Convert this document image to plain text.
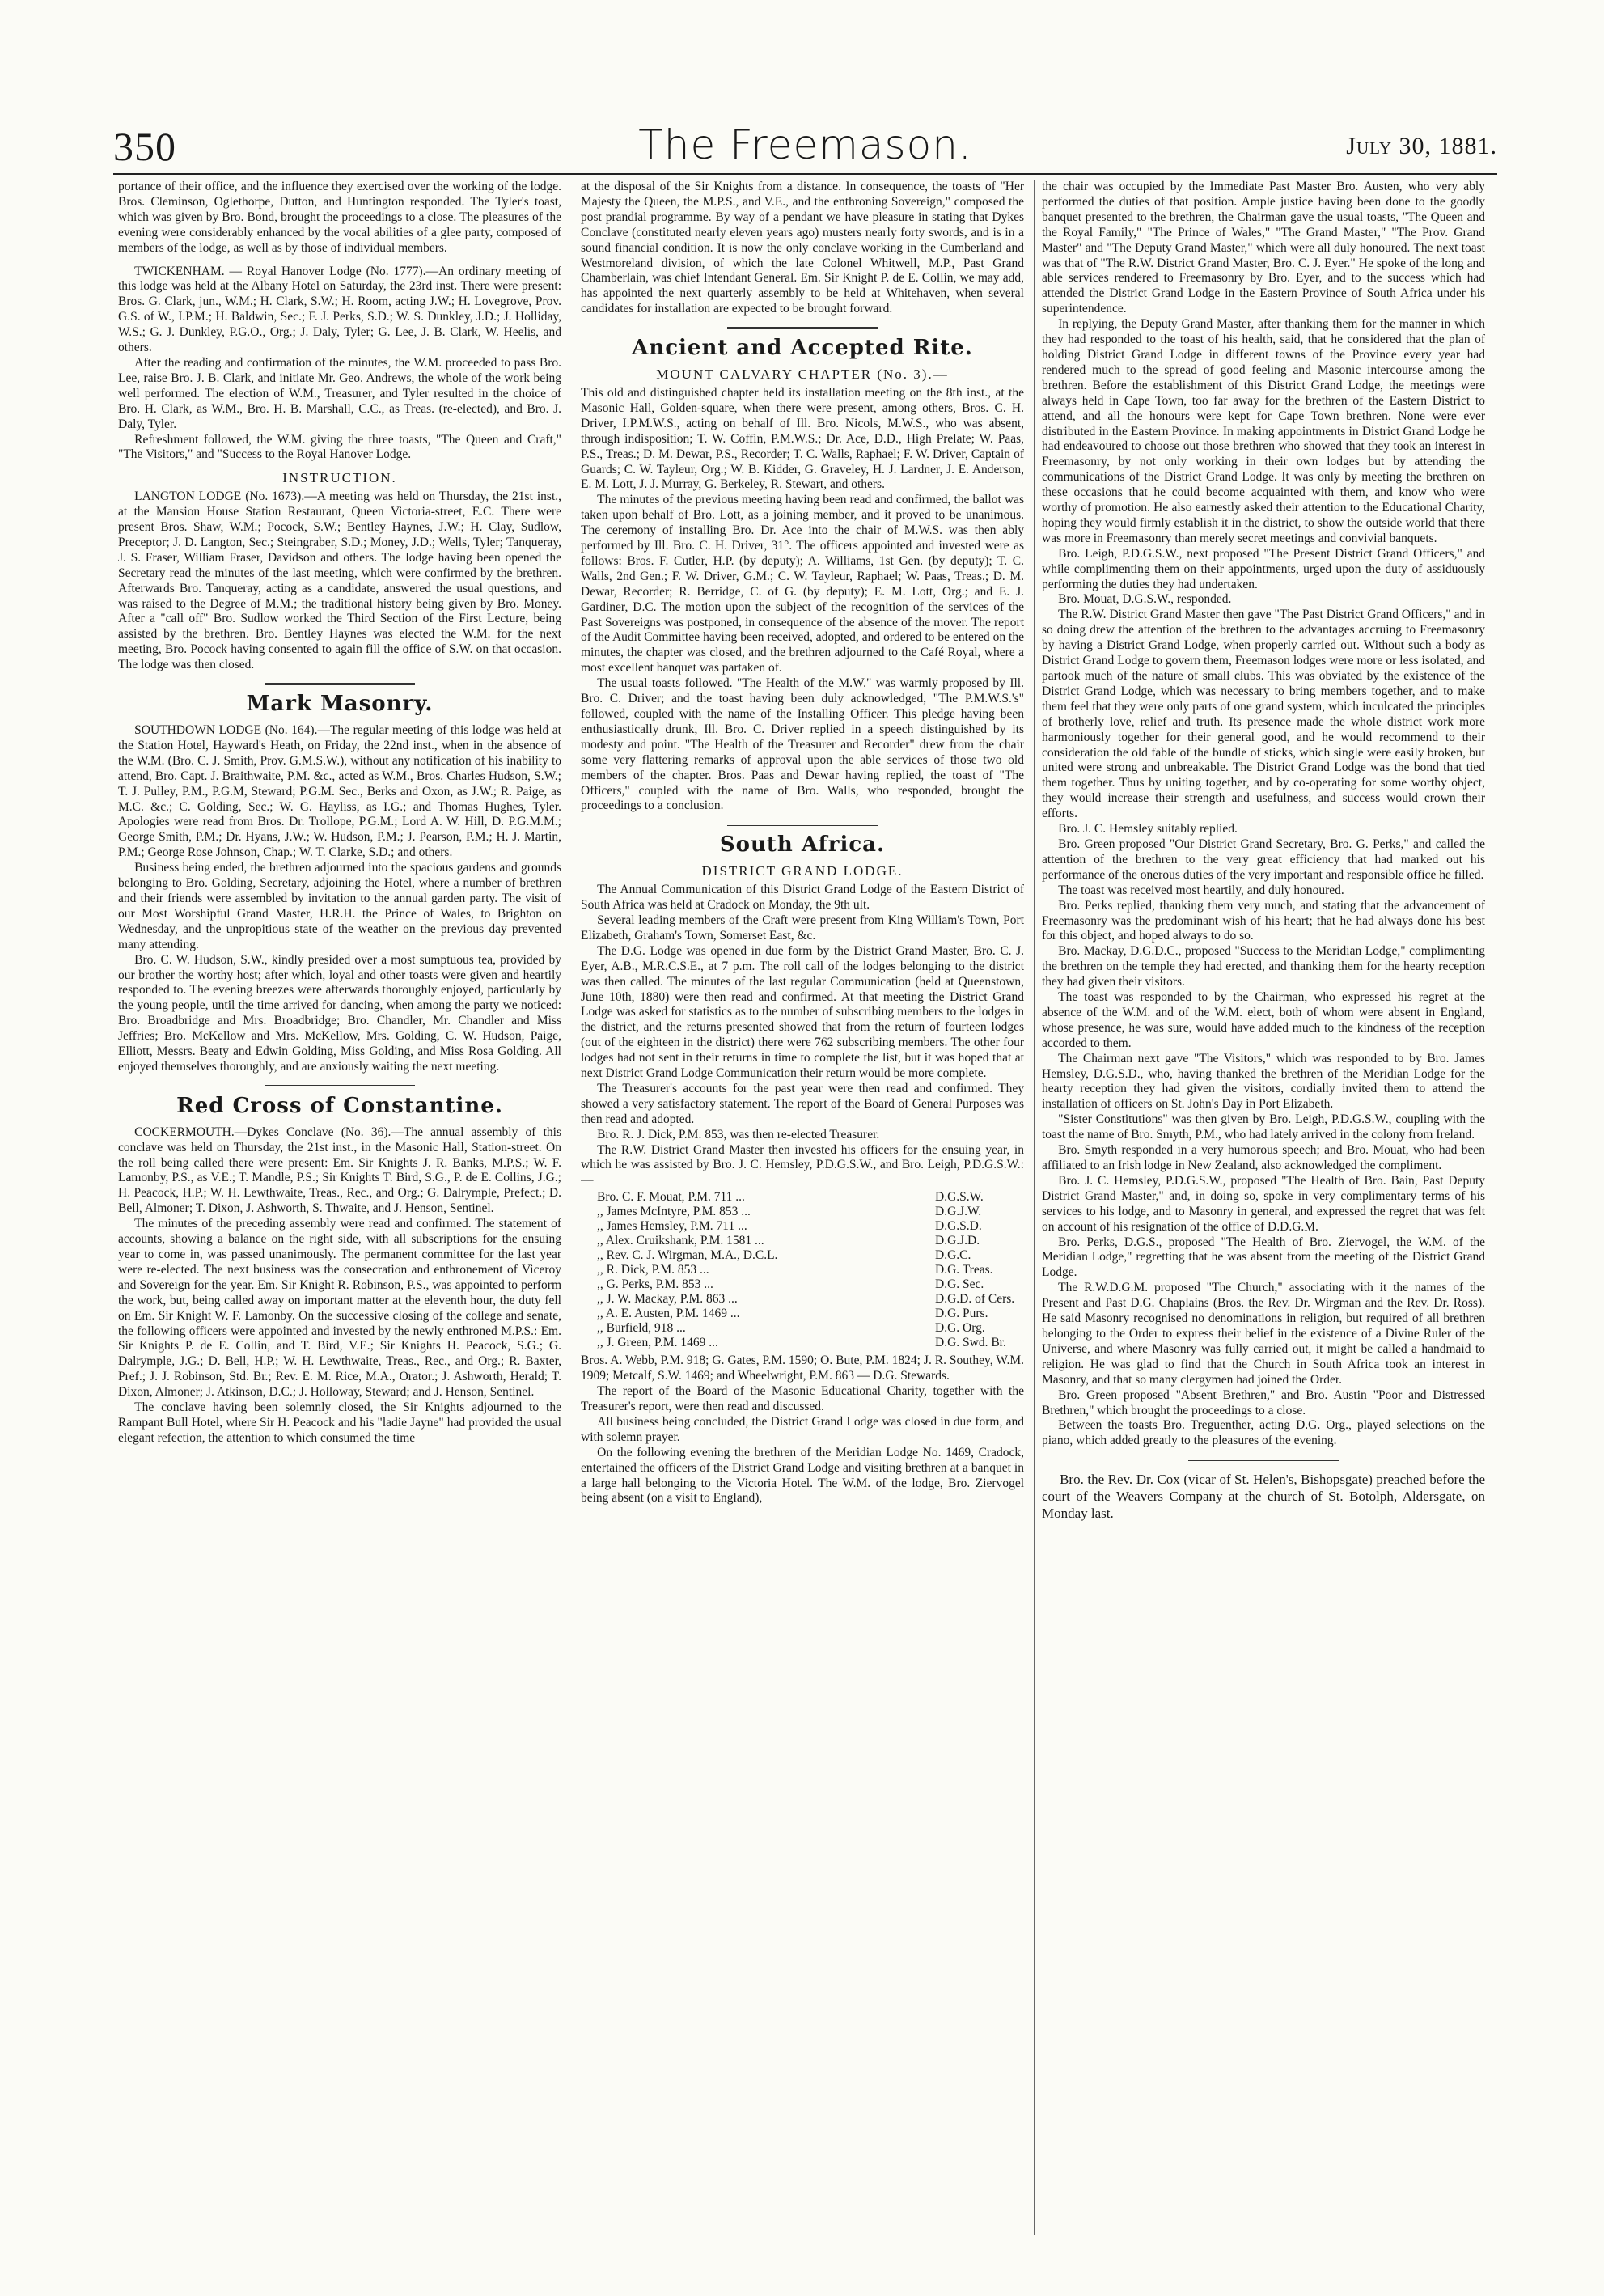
350	The Freemason.	July 30, 1881.

portance of their office, and the influence they exercised over the working of the lodge. Bros. Cleminson, Oglethorpe, Dutton, and Huntington responded. The Tyler's toast, which was given by Bro. Bond, brought the proceedings to a close. The pleasures of the evening were considerably enhanced by the vocal abilities of a glee party, composed of members of the lodge, as well as by those of individual members.

TWICKENHAM. — Royal Hanover Lodge (No. 1777).—An ordinary meeting of this lodge was held at the Albany Hotel on Saturday, the 23rd inst. There were present: Bros. G. Clark, jun., W.M.; H. Clark, S.W.; H. Room, acting J.W.; H. Lovegrove, Prov. G.S. of W., I.P.M.; H. Baldwin, Sec.; F. J. Perks, S.D.; W. S. Dunkley, J.D.; J. Holliday, W.S.; G. J. Dunkley, P.G.O., Org.; J. Daly, Tyler; G. Lee, J. B. Clark, W. Heelis, and others.

After the reading and confirmation of the minutes, the W.M. proceeded to pass Bro. Lee, raise Bro. J. B. Clark, and initiate Mr. Geo. Andrews, the whole of the work being well performed. The election of W.M., Treasurer, and Tyler resulted in the choice of Bro. H. Clark, as W.M., Bro. H. B. Marshall, C.C., as Treas. (re-elected), and Bro. J. Daly, Tyler.

Refreshment followed, the W.M. giving the three toasts, "The Queen and Craft," "The Visitors," and "Success to the Royal Hanover Lodge.

INSTRUCTION.

LANGTON LODGE (No. 1673).—A meeting was held on Thursday, the 21st inst., at the Mansion House Station Restaurant, Queen Victoria-street, E.C. There were present Bros. Shaw, W.M.; Pocock, S.W.; Bentley Haynes, J.W.; H. Clay, Sudlow, Preceptor; J. D. Langton, Sec.; Steingraber, S.D.; Money, J.D.; Wells, Tyler; Tanqueray, J. S. Fraser, William Fraser, Davidson and others. The lodge having been opened the Secretary read the minutes of the last meeting, which were confirmed by the brethren. Afterwards Bro. Tanqueray, acting as a candidate, answered the usual questions, and was raised to the Degree of M.M.; the traditional history being given by Bro. Money. After a "call off" Bro. Sudlow worked the Third Section of the First Lecture, being assisted by the brethren. Bro. Bentley Haynes was elected the W.M. for the next meeting, Bro. Pocock having consented to again fill the office of S.W. on that occasion. The lodge was then closed.

Mark Masonry.

SOUTHDOWN LODGE (No. 164).—The regular meeting of this lodge was held at the Station Hotel, Hayward's Heath, on Friday, the 22nd inst., when in the absence of the W.M. (Bro. C. J. Smith, Prov. G.M.S.W.), without any notification of his inability to attend, Bro. Capt. J. Braithwaite, P.M. &c., acted as W.M., Bros. Charles Hudson, S.W.; T. J. Pulley, P.M., P.G.M, Steward; P.G.M. Sec., Berks and Oxon, as J.W.; R. Paige, as M.C. &c.; C. Golding, Sec.; W. G. Hayliss, as I.G.; and Thomas Hughes, Tyler. Apologies were read from Bros. Dr. Trollope, P.G.M.; Lord A. W. Hill, D. P.G.M.M.; George Smith, P.M.; Dr. Hyans, J.W.; W. Hudson, P.M.; J. Pearson, P.M.; H. J. Martin, P.M.; George Rose Johnson, Chap.; W. T. Clarke, S.D.; and others.

Business being ended, the brethren adjourned into the spacious gardens and grounds belonging to Bro. Golding, Secretary, adjoining the Hotel, where a number of brethren and their friends were assembled by invitation to the annual garden party. The visit of our Most Worshipful Grand Master, H.R.H. the Prince of Wales, to Brighton on Wednesday, and the unpropitious state of the weather on the previous day prevented many attending.

Bro. C. W. Hudson, S.W., kindly presided over a most sumptuous tea, provided by our brother the worthy host; after which, loyal and other toasts were given and heartily responded to. The evening breezes were afterwards thoroughly enjoyed, particularly by the young people, until the time arrived for dancing, when among the party we noticed: Bro. Broadbridge and Mrs. Broadbridge; Bro. Chandler, Mr. Chandler and Miss Jeffries; Bro. McKellow and Mrs. McKellow, Mrs. Golding, C. W. Hudson, Paige, Elliott, Messrs. Beaty and Edwin Golding, Miss Golding, and Miss Rosa Golding. All enjoyed themselves thoroughly, and are anxiously waiting the next meeting.

Red Cross of Constantine.

COCKERMOUTH.—Dykes Conclave (No. 36).—The annual assembly of this conclave was held on Thursday, the 21st inst., in the Masonic Hall, Station-street. On the roll being called there were present: Em. Sir Knights J. R. Banks, M.P.S.; W. F. Lamonby, P.S., as V.E.; T. Mandle, P.S.; Sir Knights T. Bird, S.G., P. de E. Collins, J.G.; H. Peacock, H.P.; W. H. Lewthwaite, Treas., Rec., and Org.; G. Dalrymple, Prefect.; D. Bell, Almoner; T. Dixon, J. Ashworth, S. Thwaite, and J. Henson, Sentinel.

The minutes of the preceding assembly were read and confirmed. The statement of accounts, showing a balance on the right side, with all subscriptions for the ensuing year to come in, was passed unanimously. The permanent committee for the last year were re-elected. The next business was the consecration and enthronement of Viceroy and Sovereign for the year. Em. Sir Knight R. Robinson, P.S., was appointed to perform the work, but, being called away on important matter at the eleventh hour, the duty fell on Em. Sir Knight W. F. Lamonby. On the successive closing of the college and senate, the following officers were appointed and invested by the newly enthroned M.P.S.: Em. Sir Knights P. de E. Collin, and T. Bird, V.E.; Sir Knights H. Peacock, S.G.; G. Dalrymple, J.G.; D. Bell, H.P.; W. H. Lewthwaite, Treas., Rec., and Org.; R. Baxter, Pref.; J. J. Robinson, Std. Br.; Rev. E. M. Rice, M.A., Orator.; J. Ashworth, Herald; T. Dixon, Almoner; J. Atkinson, D.C.; J. Holloway, Steward; and J. Henson, Sentinel.

The conclave having been solemnly closed, the Sir Knights adjourned to the Rampant Bull Hotel, where Sir H. Peacock and his "ladie Jayne" had provided the usual elegant refection, the attention to which consumed the time

at the disposal of the Sir Knights from a distance. In consequence, the toasts of "Her Majesty the Queen, the M.P.S., and V.E., and the enthroning Sovereign," composed the post prandial programme. By way of a pendant we have pleasure in stating that Dykes Conclave (constituted nearly eleven years ago) musters nearly forty swords, and is in a sound financial condition. It is now the only conclave working in the Cumberland and Westmoreland division, of which the late Colonel Whitwell, M.P., Past Grand Chamberlain, was chief Intendant General. Em. Sir Knight P. de E. Collin, we may add, has appointed the next quarterly assembly to be held at Whitehaven, when several candidates for installation are expected to be brought forward.

Ancient and Accepted Rite.
MOUNT CALVARY CHAPTER (No. 3).—

This old and distinguished chapter held its installation meeting on the 8th inst., at the Masonic Hall, Golden-square, when there were present, among others, Bros. C. H. Driver, I.P.M.W.S., acting on behalf of Ill. Bro. Nicols, M.W.S., who was absent, through indisposition; T. W. Coffin, P.M.W.S.; Dr. Ace, D.D., High Prelate; W. Paas, P.S., Treas.; D. M. Dewar, P.S., Recorder; T. C. Walls, Raphael; F. W. Driver, Captain of Guards; C. W. Tayleur, Org.; W. B. Kidder, G. Graveley, H. J. Lardner, J. E. Anderson, E. M. Lott, J. J. Murray, G. Berkeley, R. Stewart, and others.

The minutes of the previous meeting having been read and confirmed, the ballot was taken upon behalf of Bro. Lott, as a joining member, and it proved to be unanimous. The ceremony of installing Bro. Dr. Ace into the chair of M.W.S. was then ably performed by Ill. Bro. C. H. Driver, 31°. The officers appointed and invested were as follows: Bros. F. Cutler, H.P. (by deputy); A. Williams, 1st Gen. (by deputy); T. C. Walls, 2nd Gen.; F. W. Driver, G.M.; C. W. Tayleur, Raphael; W. Paas, Treas.; D. M. Dewar, Recorder; R. Berridge, C. of G. (by deputy); E. M. Lott, Org.; and E. J. Gardiner, D.C. The motion upon the subject of the recognition of the services of the Past Sovereigns was postponed, in consequence of the absence of the mover. The report of the Audit Committee having been received, adopted, and ordered to be entered on the minutes, the chapter was closed, and the brethren adjourned to the Café Royal, where a most excellent banquet was partaken of.

The usual toasts followed. "The Health of the M.W." was warmly proposed by Ill. Bro. C. Driver; and the toast having been duly acknowledged, "The P.M.W.S.'s" followed, coupled with the name of the Installing Officer. This pledge having been enthusiastically drunk, Ill. Bro. C. Driver replied in a speech distinguished by its modesty and point. "The Health of the Treasurer and Recorder" drew from the chair some very flattering remarks of approval upon the able services of those two old members of the chapter. Bros. Paas and Dewar having replied, the toast of "The Officers," coupled with the name of Bro. Walls, who responded, brought the proceedings to a conclusion.

South Africa.
DISTRICT GRAND LODGE.

The Annual Communication of this District Grand Lodge of the Eastern District of South Africa was held at Cradock on Monday, the 9th ult.

Several leading members of the Craft were present from King William's Town, Port Elizabeth, Graham's Town, Somerset East, &c.

The D.G. Lodge was opened in due form by the District Grand Master, Bro. C. J. Eyer, A.B., M.R.C.S.E., at 7 p.m. The roll call of the lodges belonging to the district was then called. The minutes of the last regular Communication (held at Queenstown, June 10th, 1880) were then read and confirmed. At that meeting the District Grand Lodge was asked for statistics as to the number of subscribing members to the lodges in the district, and the returns presented showed that from the return of fourteen lodges (out of the eighteen in the district) there were 762 subscribing members. The other four lodges had not sent in their returns in time to complete the list, but it was hoped that at next District Grand Lodge Communication their return would be more complete.

The Treasurer's accounts for the past year were then read and confirmed. They showed a very satisfactory statement. The report of the Board of General Purposes was then read and adopted.

Bro. R. J. Dick, P.M. 853, was then re-elected Treasurer.

The R.W. District Grand Master then invested his officers for the ensuing year, in which he was assisted by Bro. J. C. Hemsley, P.D.G.S.W., and Bro. Leigh, P.D.G.S.W.:—

Bro. C. F. Mouat, P.M. 711 ...	D.G.S.W.
,, James McIntyre, P.M. 853 ...	D.G.J.W.
,, James Hemsley, P.M. 711 ...	D.G.S.D.
,, Alex. Cruikshank, P.M. 1581 ...	D.G.J.D.
,, Rev. C. J. Wirgman, M.A., D.C.L.	D.G.C.
,, R. Dick, P.M. 853 ...	D.G. Treas.
,, G. Perks, P.M. 853 ...	D.G. Sec.
,, J. W. Mackay, P.M. 863 ...	D.G.D. of Cers.
,, A. E. Austen, P.M. 1469 ...	D.G. Purs.
,, Burfield, 918 ...	D.G. Org.
,, J. Green, P.M. 1469 ...	D.G. Swd. Br.

Bros. A. Webb, P.M. 918; G. Gates, P.M. 1590; O. Bute, P.M. 1824; J. R. Southey, W.M. 1909; Metcalf, S.W. 1469; and Wheelwright, P.M. 863 — D.G. Stewards.

The report of the Board of the Masonic Educational Charity, together with the Treasurer's report, were then read and discussed.

All business being concluded, the District Grand Lodge was closed in due form, and with solemn prayer.

On the following evening the brethren of the Meridian Lodge No. 1469, Cradock, entertained the officers of the District Grand Lodge and visiting brethren at a banquet in a large hall belonging to the Victoria Hotel. The W.M. of the lodge, Bro. Ziervogel being absent (on a visit to England),

the chair was occupied by the Immediate Past Master Bro. Austen, who very ably performed the duties of that position. Ample justice having been done to the goodly banquet presented to the brethren, the Chairman gave the usual toasts, "The Queen and the Royal Family," "The Prince of Wales," "The Grand Master," "The Prov. Grand Master" and "The Deputy Grand Master," which were all duly honoured. The next toast was that of "The R.W. District Grand Master, Bro. C. J. Eyer." He spoke of the long and able services rendered to Freemasonry by Bro. Eyer, and to the success which had attended the District Grand Lodge in the Eastern Province of South Africa under his superintendence.

In replying, the Deputy Grand Master, after thanking them for the manner in which they had responded to the toast of his health, said, that he considered that the plan of holding District Grand Lodge in different towns of the Province every year had rendered much to the spread of good feeling and Masonic intercourse among the brethren. Before the establishment of this District Grand Lodge, the meetings were always held in Cape Town, too far away for the brethren of the Eastern District to attend, and all the honours were kept for Cape Town brethren. None were ever distributed in the Eastern Province. In making appointments in District Grand Lodge he had endeavoured to choose out those brethren who showed that they took an interest in Freemasonry, by not only working in their own lodges but by attending the communications of the District Grand Lodge. It was only by meeting the brethren on these occasions that he could become acquainted with them, and know who were worthy of promotion. He also earnestly asked their attention to the Educational Charity, hoping they would firmly establish it in the district, to show the outside world that there was more in Freemasonry than merely secret meetings and convivial banquets.

Bro. Leigh, P.D.G.S.W., next proposed "The Present District Grand Officers," and while complimenting them on their appointments, urged upon the duty of assiduously performing the duties they had undertaken.

Bro. Mouat, D.G.S.W., responded.

The R.W. District Grand Master then gave "The Past District Grand Officers," and in so doing drew the attention of the brethren to the advantages accruing to Freemasonry by having a District Grand Lodge, when properly carried out. Without such a body as District Grand Lodge to govern them, Freemason lodges were more or less isolated, and partook much of the nature of small clubs. This was obviated by the existence of the District Grand Lodge, which was necessary to bring members together, and to make them feel that they were only parts of one grand system, which inculcated the principles of brotherly love, relief and truth. Its presence made the whole district work more harmoniously together for their general good, and he would recommend to their consideration the old fable of the bundle of sticks, which single were easily broken, but united were strong and unbreakable. The District Grand Lodge was the bond that tied them together. Thus by uniting together, and by co-operating for some worthy object, they would increase their strength and usefulness, and success would crown their efforts.

Bro. J. C. Hemsley suitably replied.

Bro. Green proposed "Our District Grand Secretary, Bro. G. Perks," and called the attention of the brethren to the very great efficiency that had marked out his performance of the onerous duties of the very important and responsible office he filled.

The toast was received most heartily, and duly honoured.

Bro. Perks replied, thanking them very much, and stating that the advancement of Freemasonry was the predominant wish of his heart; that he had always done his best for this object, and hoped always to do so.

Bro. Mackay, D.G.D.C., proposed "Success to the Meridian Lodge," complimenting the brethren on the temple they had erected, and thanking them for the hearty reception they had given their visitors.

The toast was responded to by the Chairman, who expressed his regret at the absence of the W.M. and of the W.M. elect, both of whom were absent in England, whose presence, he was sure, would have added much to the kindness of the reception accorded to them.

The Chairman next gave "The Visitors," which was responded to by Bro. James Hemsley, D.G.S.D., who, having thanked the brethren of the Meridian Lodge for the hearty reception they had given the visitors, cordially invited them to attend the installation of officers on St. John's Day in Port Elizabeth.

"Sister Constitutions" was then given by Bro. Leigh, P.D.G.S.W., coupling with the toast the name of Bro. Smyth, P.M., who had lately arrived in the colony from Ireland.

Bro. Smyth responded in a very humorous speech; and Bro. Mouat, who had been affiliated to an Irish lodge in New Zealand, also acknowledged the compliment.

Bro. J. C. Hemsley, P.D.G.S.W., proposed "The Health of Bro. Bain, Past Deputy District Grand Master," and, in doing so, spoke in very complimentary terms of his services to his lodge, and to Masonry in general, and expressed the regret that was felt on account of his resignation of the office of D.D.G.M.

Bro. Perks, D.G.S., proposed "The Health of Bro. Ziervogel, the W.M. of the Meridian Lodge," regretting that he was absent from the meeting of the District Grand Lodge.

The R.W.D.G.M. proposed "The Church," associating with it the names of the Present and Past D.G. Chaplains (Bros. the Rev. Dr. Wirgman and the Rev. Dr. Ross). He said Masonry recognised no denominations in religion, but required of all brethren belonging to the Order to express their belief in the existence of a Divine Ruler of the Universe, and where Masonry was fully carried out, it might be called a handmaid to religion. He was glad to find that the Church in South Africa took an interest in Masonry, and that so many clergymen had joined the Order.

Bro. Green proposed "Absent Brethren," and Bro. Austin "Poor and Distressed Brethren," which brought the proceedings to a close.

Between the toasts Bro. Treguenther, acting D.G. Org., played selections on the piano, which added greatly to the pleasures of the evening.

Bro. the Rev. Dr. Cox (vicar of St. Helen's, Bishopsgate) preached before the court of the Weavers Company at the church of St. Botolph, Aldersgate, on Monday last.
